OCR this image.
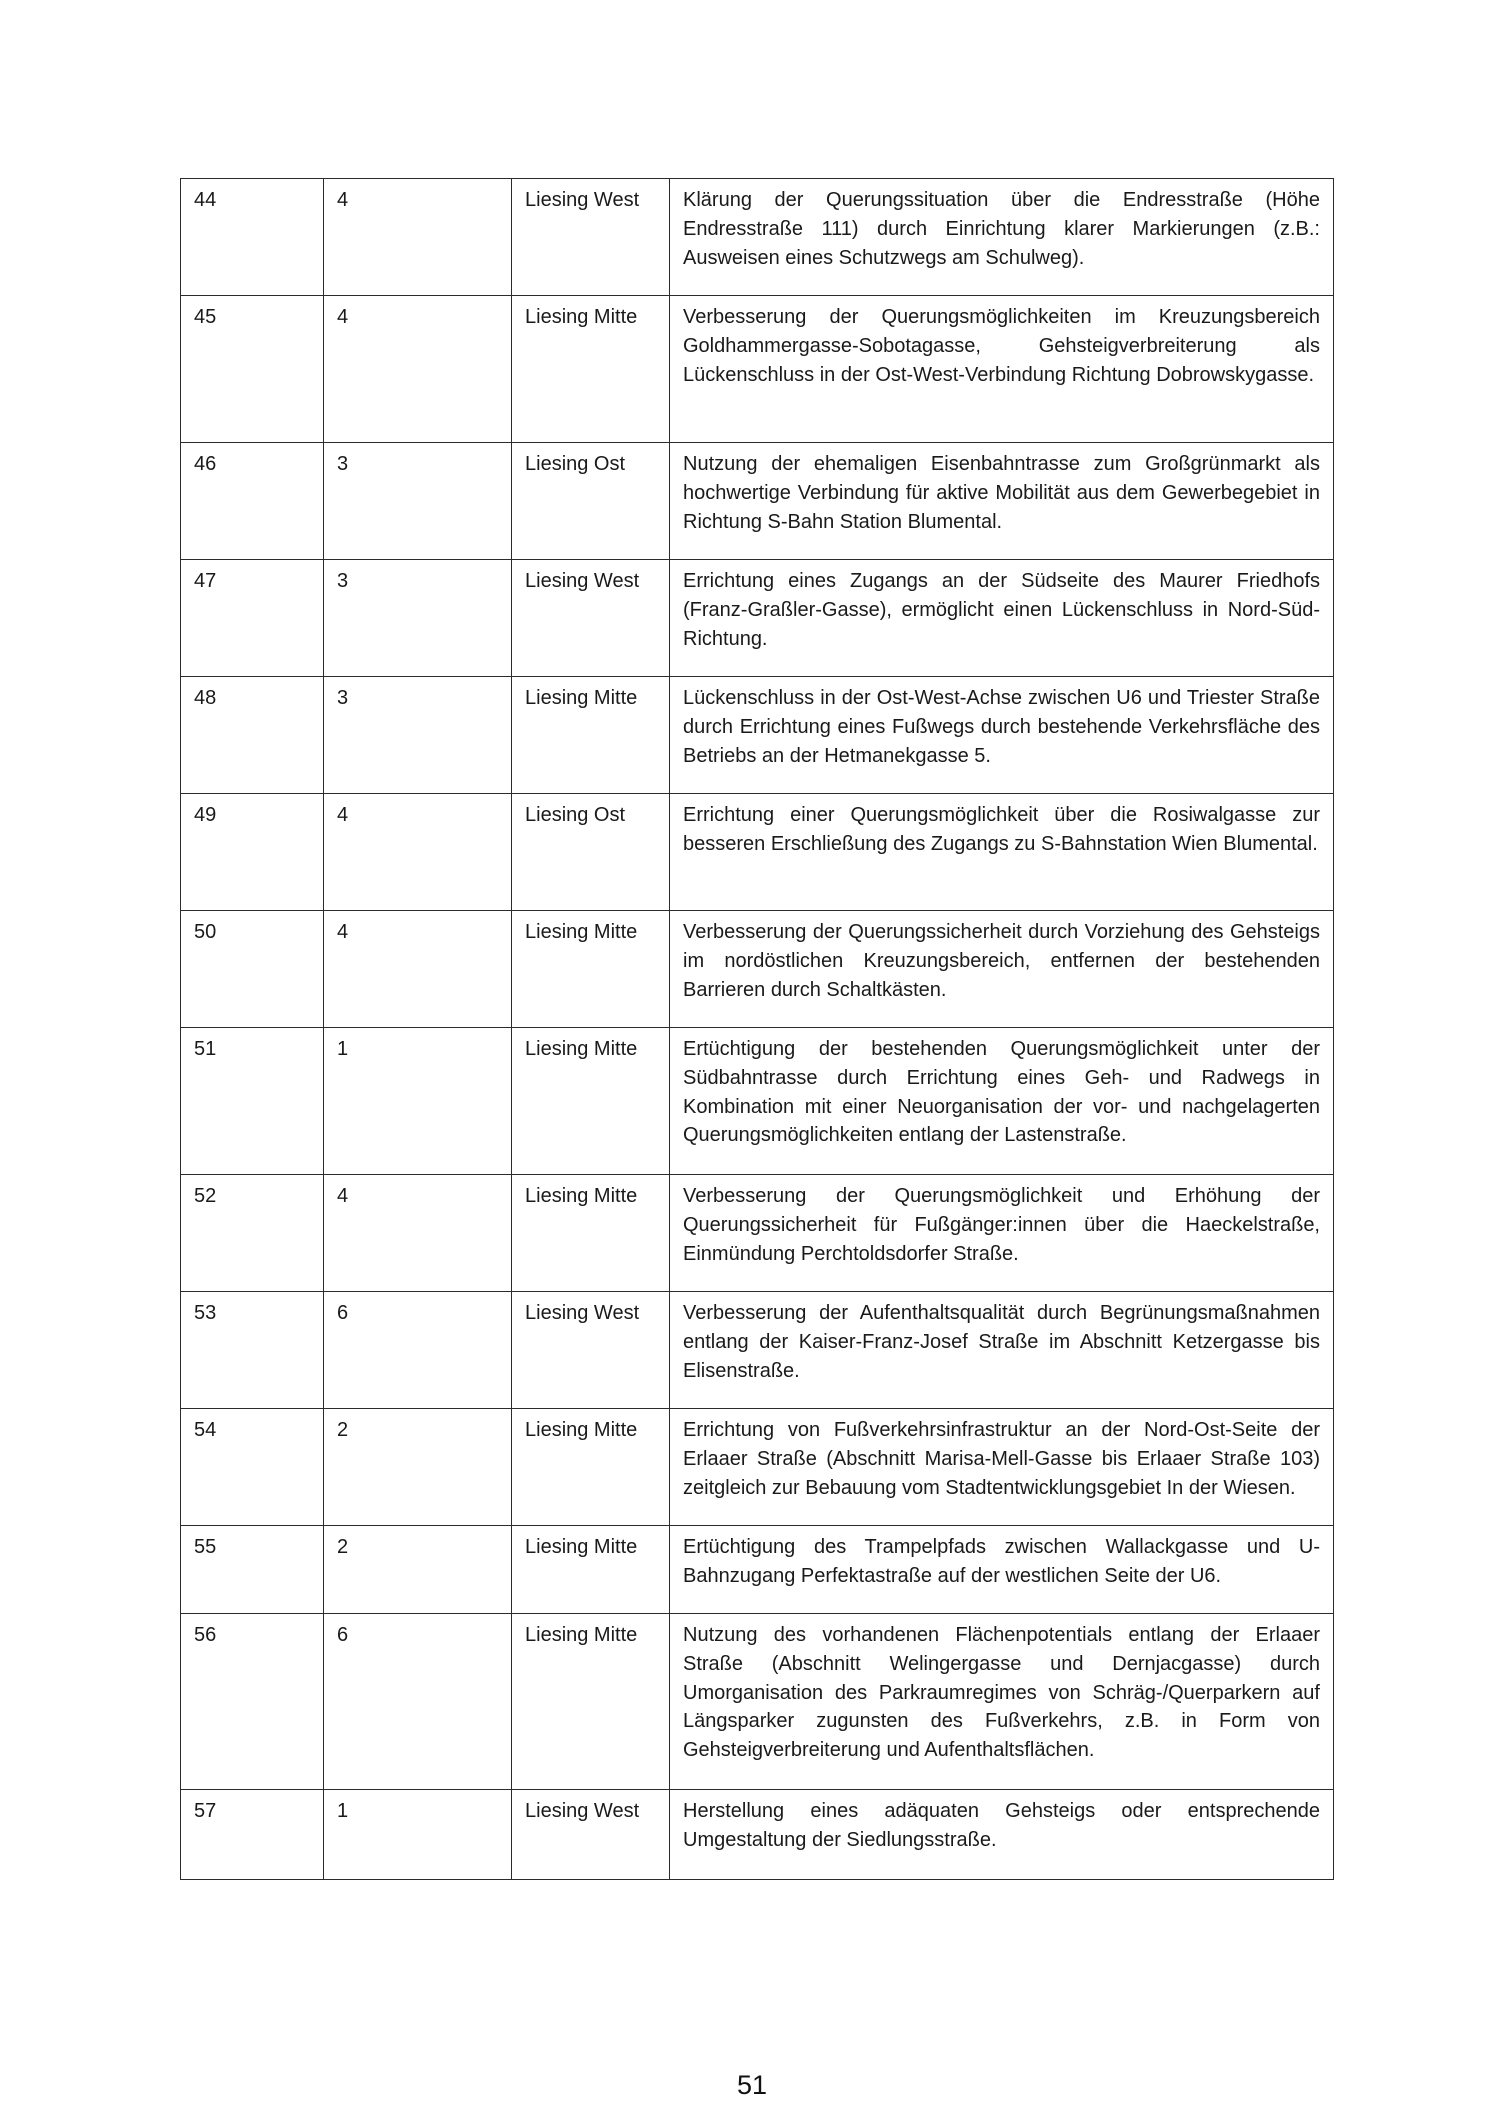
44	4	Liesing West	Klärung der Querungssituation über die Endresstraße (Höhe Endresstraße 111) durch Einrichtung klarer Markierungen (z.B.: Ausweisen eines Schutzwegs am Schulweg).
45	4	Liesing Mitte	Verbesserung der Querungsmöglichkeiten im Kreuzungsbereich Goldhammergasse-Sobotagasse, Gehsteigverbreiterung als Lückenschluss in der Ost-West-Verbindung Richtung Dobrowskygasse.
46	3	Liesing Ost	Nutzung der ehemaligen Eisenbahntrasse zum Großgrünmarkt als hochwertige Verbindung für aktive Mobilität aus dem Gewerbegebiet in Richtung S-Bahn Station Blumental.
47	3	Liesing West	Errichtung eines Zugangs an der Südseite des Maurer Friedhofs (Franz-Graßler-Gasse), ermöglicht einen Lückenschluss in Nord-Süd-Richtung.
48	3	Liesing Mitte	Lückenschluss in der Ost-West-Achse zwischen U6 und Triester Straße durch Errichtung eines Fußwegs durch bestehende Verkehrsfläche des Betriebs an der Hetmanekgasse 5.
49	4	Liesing Ost	Errichtung einer Querungsmöglichkeit über die Rosiwalgasse zur besseren Erschließung des Zugangs zu S-Bahnstation Wien Blumental.
50	4	Liesing Mitte	Verbesserung der Querungssicherheit durch Vorziehung des Gehsteigs im nordöstlichen Kreuzungsbereich, entfernen der bestehenden Barrieren durch Schaltkästen.
51	1	Liesing Mitte	Ertüchtigung der bestehenden Querungsmöglichkeit unter der Südbahntrasse durch Errichtung eines Geh- und Radwegs in Kombination mit einer Neuorganisation der vor- und nachgelagerten Querungsmöglichkeiten entlang der Lastenstraße.
52	4	Liesing Mitte	Verbesserung der Querungsmöglichkeit und Erhöhung der Querungssicherheit für Fußgänger:innen über die Haeckelstraße, Einmündung Perchtoldsdorfer Straße.
53	6	Liesing West	Verbesserung der Aufenthaltsqualität durch Begrünungsmaßnahmen entlang der Kaiser-Franz-Josef Straße im Abschnitt Ketzergasse bis Elisenstraße.
54	2	Liesing Mitte	Errichtung von Fußverkehrsinfrastruktur an der Nord-Ost-Seite der Erlaaer Straße (Abschnitt Marisa-Mell-Gasse bis Erlaaer Straße 103) zeitgleich zur Bebauung vom Stadtentwicklungsgebiet In der Wiesen.
55	2	Liesing Mitte	Ertüchtigung des Trampelpfads zwischen Wallackgasse und U-Bahnzugang Perfektastraße auf der westlichen Seite der U6.
56	6	Liesing Mitte	Nutzung des vorhandenen Flächenpotentials entlang der Erlaaer Straße (Abschnitt Welingergasse und Dernjacgasse) durch Umorganisation des Parkraumregimes von Schräg-/Querparkern auf Längsparker zugunsten des Fußverkehrs, z.B. in Form von Gehsteigverbreiterung und Aufenthaltsflächen.
57	1	Liesing West	Herstellung eines adäquaten Gehsteigs oder entsprechende Umgestaltung der Siedlungsstraße.
51
